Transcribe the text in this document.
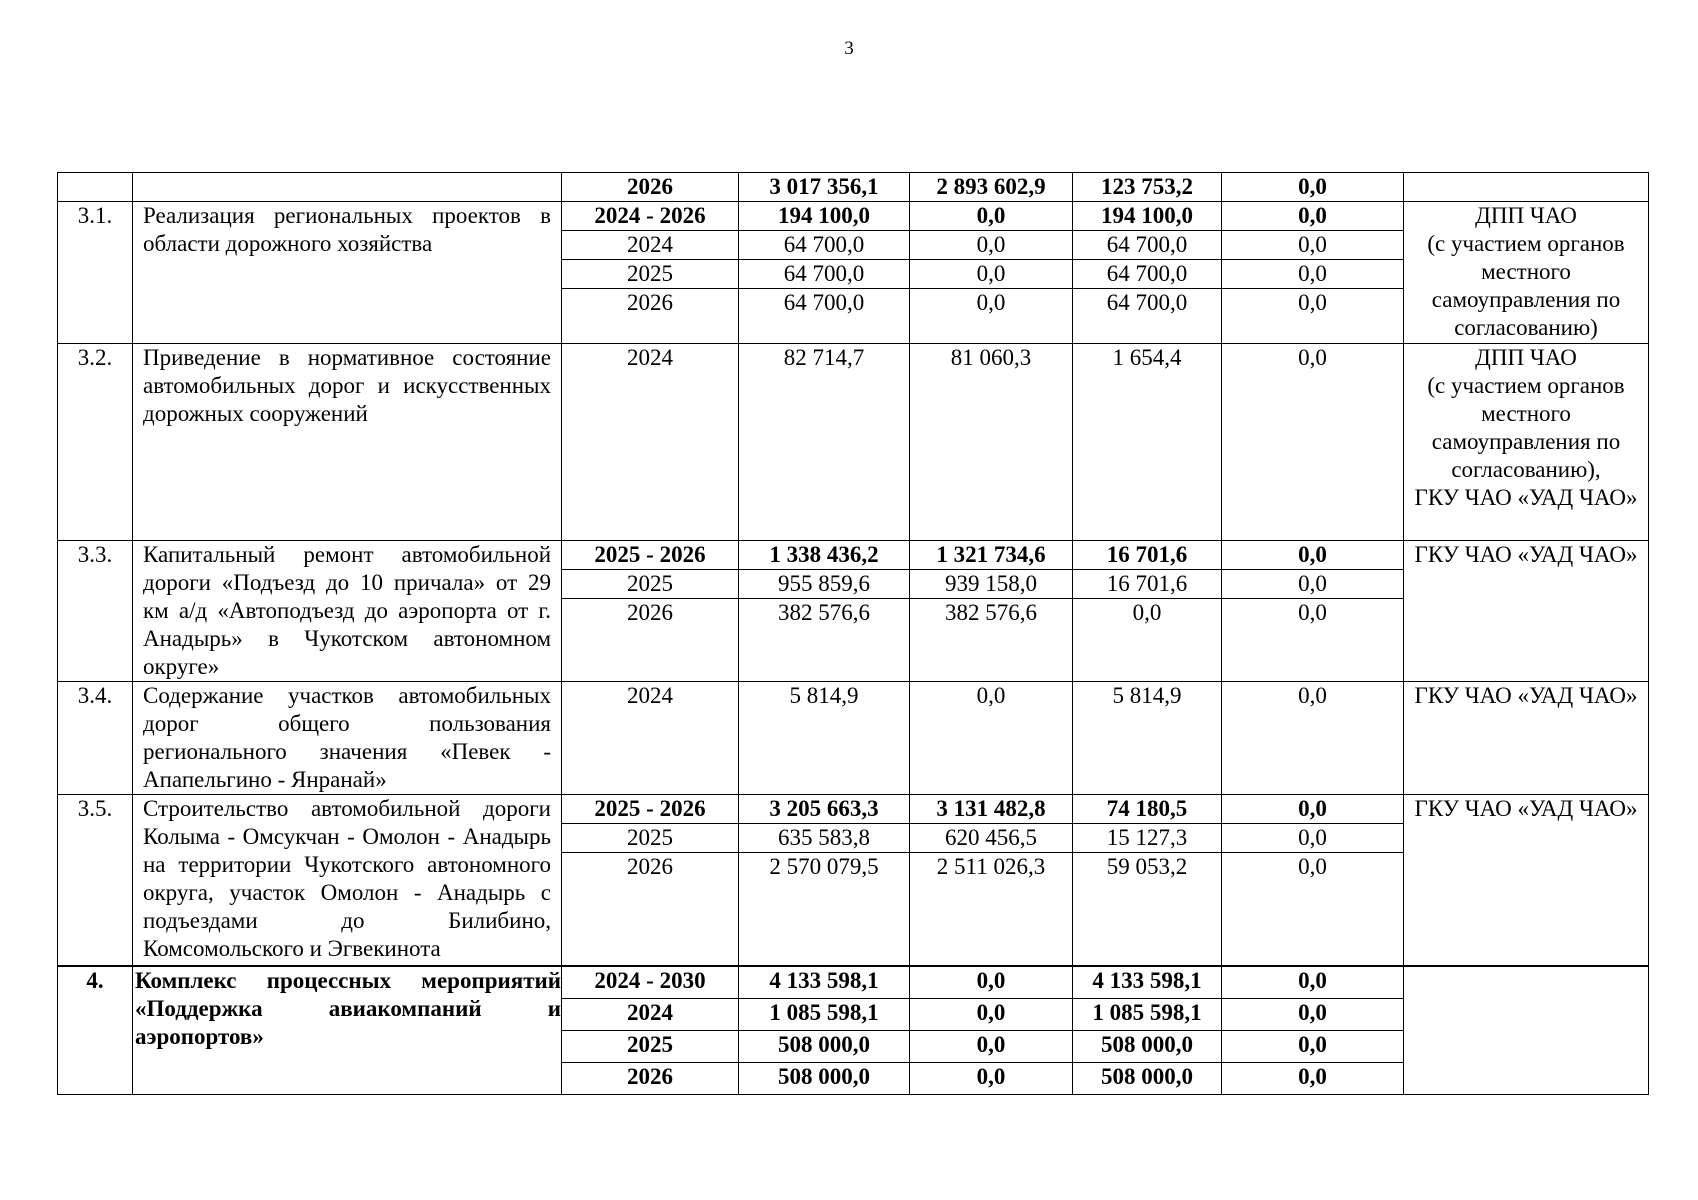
3
		2026	3 017 356,1	2 893 602,9	123 753,2	0,0	
3.1.	Реализация региональных проектов в области дорожного хозяйства	2024 - 2026	194 100,0	0,0	194 100,0	0,0	ДПП ЧАО
(с участием органов местного самоуправления по согласованию)
		2024	64 700,0	0,0	64 700,0	0,0	
		2025	64 700,0	0,0	64 700,0	0,0	
		2026	64 700,0	0,0	64 700,0	0,0	
3.2.	Приведение в нормативное состояние автомобильных дорог и искусственных дорожных сооружений	2024	82 714,7	81 060,3	1 654,4	0,0	ДПП ЧАО
(с участием органов местного самоуправления по согласованию),
ГКУ ЧАО «УАД ЧАО»
3.3.	Капитальный ремонт автомобильной дороги «Подъезд до 10 причала» от 29 км а/д «Автоподъезд до аэропорта от г. Анадырь» в Чукотском автономном округе»	2025 - 2026	1 338 436,2	1 321 734,6	16 701,6	0,0	ГКУ ЧАО «УАД ЧАО»
		2025	955 859,6	939 158,0	16 701,6	0,0	
		2026	382 576,6	382 576,6	0,0	0,0	
3.4.	Содержание участков автомобильных дорог общего пользования регионального значения «Певек - Апапельгино - Янранай»	2024	5 814,9	0,0	5 814,9	0,0	ГКУ ЧАО «УАД ЧАО»
3.5.	Строительство автомобильной дороги Колыма - Омсукчан - Омолон - Анадырь на территории Чукотского автономного округа, участок Омолон - Анадырь с подъездами до Билибино, Комсомольского и Эгвекинота	2025 - 2026	3 205 663,3	3 131 482,8	74 180,5	0,0	ГКУ ЧАО «УАД ЧАО»
		2025	635 583,8	620 456,5	15 127,3	0,0	
		2026	2 570 079,5	2 511 026,3	59 053,2	0,0	
4.	Комплекс процессных мероприятий «Поддержка авиакомпаний и аэропортов»	2024 - 2030	4 133 598,1	0,0	4 133 598,1	0,0	
		2024	1 085 598,1	0,0	1 085 598,1	0,0	
		2025	508 000,0	0,0	508 000,0	0,0	
		2026	508 000,0	0,0	508 000,0	0,0	
